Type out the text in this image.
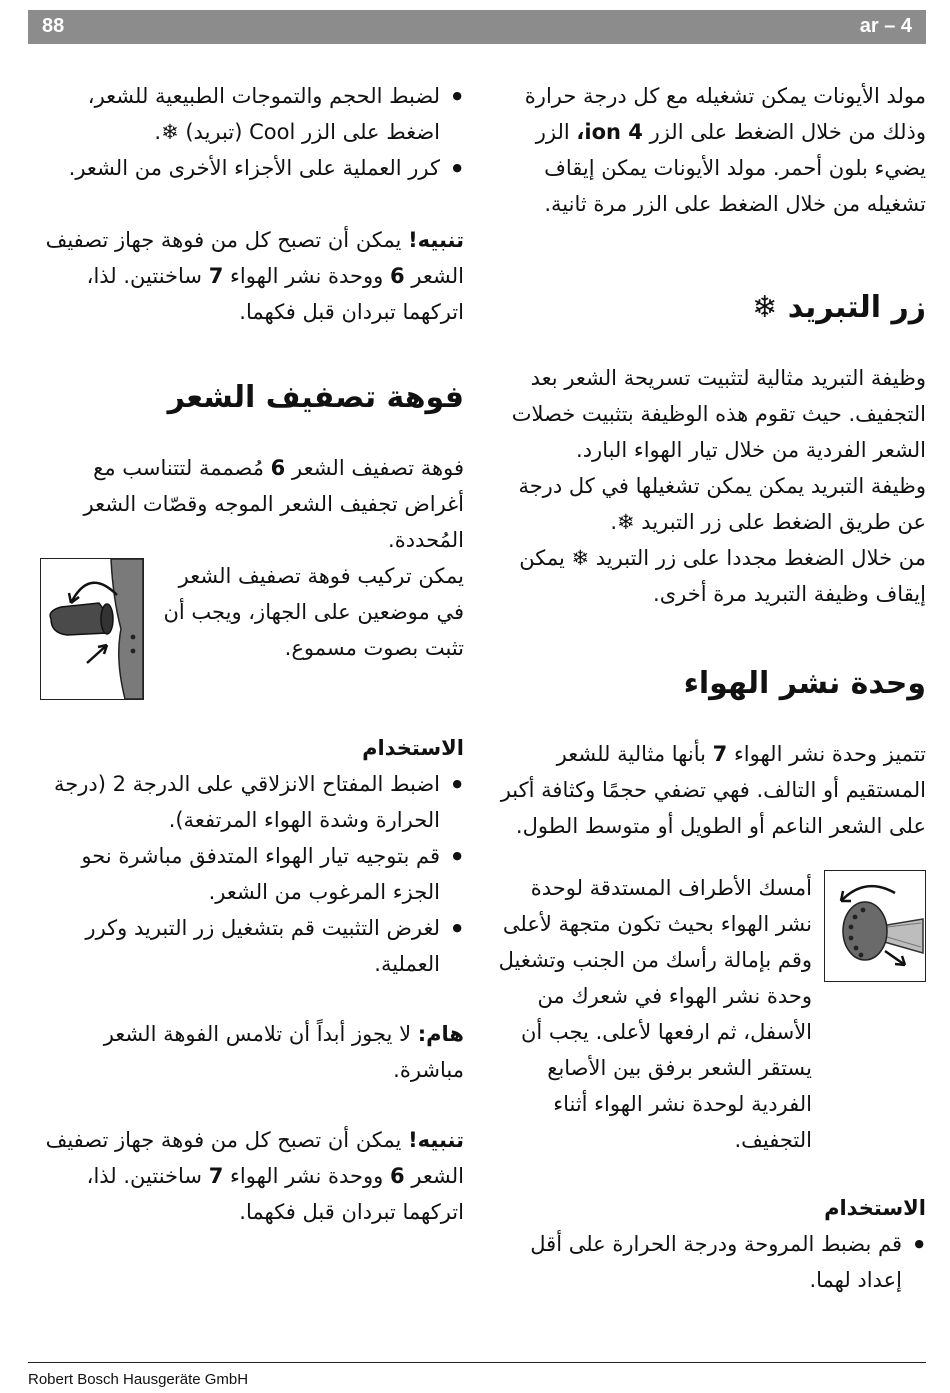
88	ar – 4

مولد الأيونات يمكن تشغيله مع كل درجة حرارة وذلك من خلال الضغط على الزر ion 4، الزر يضيء بلون أحمر. مولد الأيونات يمكن إيقاف تشغيله من خلال الضغط على الزر مرة ثانية.

زر التبريد ❄

وظيفة التبريد مثالية لتثبيت تسريحة الشعر بعد التجفيف. حيث تقوم هذه الوظيفة بتثبيت خصلات الشعر الفردية من خلال تيار الهواء البارد.

وظيفة التبريد يمكن يمكن تشغيلها في كل درجة عن طريق الضغط على زر التبريد ❄.

من خلال الضغط مجددا على زر التبريد ❄ يمكن إيقاف وظيفة التبريد مرة أخرى.

وحدة نشر الهواء

تتميز وحدة نشر الهواء 7 بأنها مثالية للشعر المستقيم أو التالف. فهي تضفي حجمًا وكثافة أكبر على الشعر الناعم أو الطويل أو متوسط الطول.

أمسك الأطراف المستدقة لوحدة نشر الهواء بحيث تكون متجهة لأعلى وقم بإمالة رأسك من الجنب وتشغيل وحدة نشر الهواء في شعرك من الأسفل، ثم ارفعها لأعلى. يجب أن يستقر الشعر برفق بين الأصابع الفردية لوحدة نشر الهواء أثناء التجفيف.

الاستخدام
● قم بضبط المروحة ودرجة الحرارة على أقل إعداد لهما.
● لضبط الحجم والتموجات الطبيعية للشعر، اضغط على الزر Cool (تبريد) ❄.
● كرر العملية على الأجزاء الأخرى من الشعر.

تنبيه! يمكن أن تصبح كل من فوهة جهاز تصفيف الشعر 6 ووحدة نشر الهواء 7 ساخنتين. لذا، اتركهما تبردان قبل فكهما.

فوهة تصفيف الشعر

فوهة تصفيف الشعر 6 مُصممة لتتناسب مع أغراض تجفيف الشعر الموجه وقصّات الشعر المُحددة.

يمكن تركيب فوهة تصفيف الشعر في موضعين على الجهاز، ويجب أن تثبت بصوت مسموع.

الاستخدام
● اضبط المفتاح الانزلاقي على الدرجة 2 (درجة الحرارة وشدة الهواء المرتفعة).
● قم بتوجيه تيار الهواء المتدفق مباشرة نحو الجزء المرغوب من الشعر.
● لغرض التثبيت قم بتشغيل زر التبريد وكرر العملية.

هام: لا يجوز أبداً أن تلامس الفوهة الشعر مباشرة.

تنبيه! يمكن أن تصبح كل من فوهة جهاز تصفيف الشعر 6 ووحدة نشر الهواء 7 ساخنتين. لذا، اتركهما تبردان قبل فكهما.

Robert Bosch Hausgeräte GmbH
